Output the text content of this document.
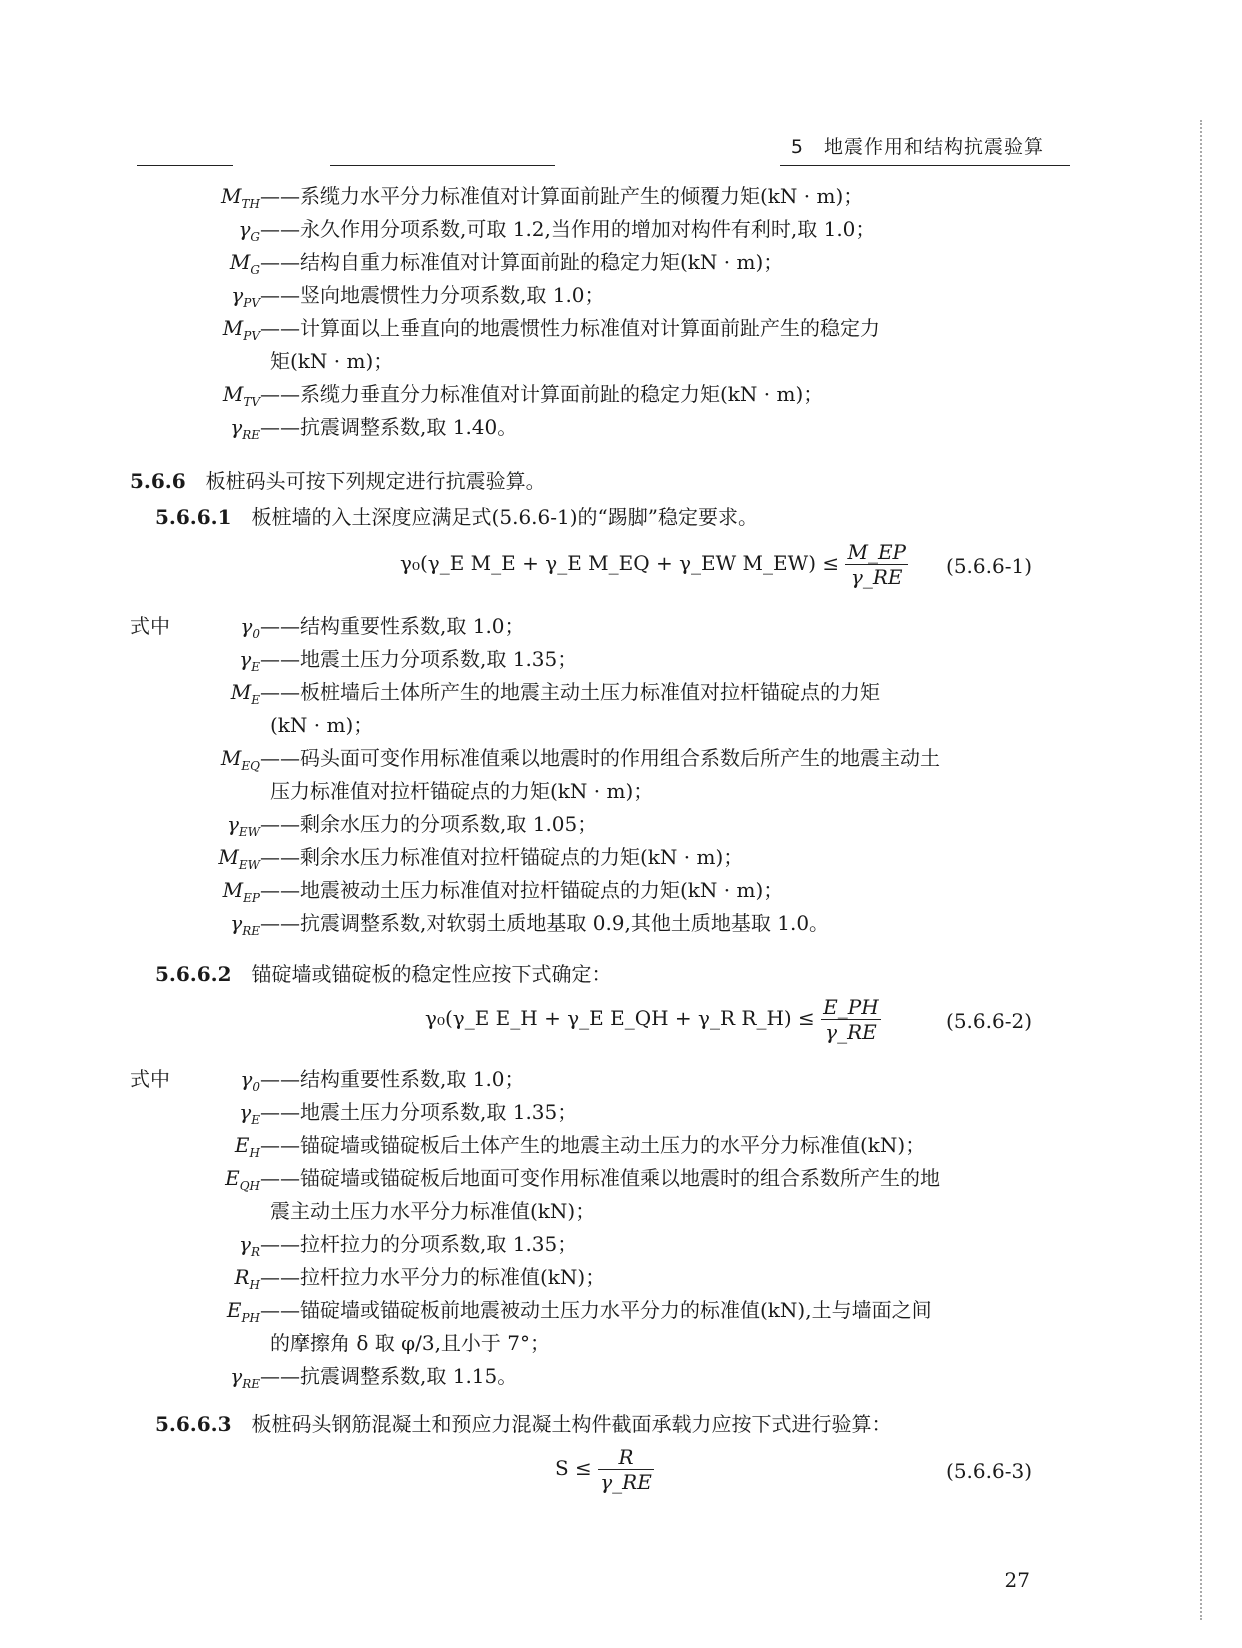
5　地震作用和结构抗震验算
$M_{TH}——$系缆力水平分力标准值对计算面前趾产生的倾覆力矩(kN · m)；
$\gamma_G——$永久作用分项系数,可取 1.2,当作用的增加对构件有利时,取 1.0；
$M_G——$结构自重力标准值对计算面前趾的稳定力矩(kN · m)；
$\gamma_{PV}——$竖向地震惯性力分项系数,取 1.0；
$M_{PV}——$计算面以上垂直向的地震惯性力标准值对计算面前趾产生的稳定力
矩(kN · m)；
$M_{TV}——$系缆力垂直分力标准值对计算面前趾的稳定力矩(kN · m)；
$\gamma_{RE}——$抗震调整系数,取 1.40。
5.6.6　板桩码头可按下列规定进行抗震验算。
5.6.6.1　板桩墙的入土深度应满足式(5.6.6-1)的“踢脚”稳定要求。
γ₀(γ_E M_E + γ_E M_EQ + γ_EW M_EW) ≤ $\frac{M\_EP}{\gamma\_RE} (5.6.6-1)$
式中	$\gamma_0——$结构重要性系数,取 1.0；
$\gamma_E——$地震土压力分项系数,取 1.35；
$M_E——$板桩墙后土体所产生的地震主动土压力标准值对拉杆锚碇点的力矩
(kN · m)；
$M_{EQ}——$码头面可变作用标准值乘以地震时的作用组合系数后所产生的地震主动土
压力标准值对拉杆锚碇点的力矩(kN · m)；
$\gamma_{EW}——$剩余水压力的分项系数,取 1.05；
$M_{EW}——$剩余水压力标准值对拉杆锚碇点的力矩(kN · m)；
$M_{EP}——$地震被动土压力标准值对拉杆锚碇点的力矩(kN · m)；
$\gamma_{RE}——$抗震调整系数,对软弱土质地基取 0.9,其他土质地基取 1.0。
5.6.6.2　锚碇墙或锚碇板的稳定性应按下式确定：
γ₀(γ_E E_H + γ_E E_QH + γ_R R_H) ≤ $\frac{E\_PH}{\gamma\_RE}$	(5.6.6-2)
式中	$\gamma_0——$结构重要性系数,取 1.0；
$\gamma_E——$地震土压力分项系数,取 1.35；
$E_H——$锚碇墙或锚碇板后土体产生的地震主动土压力的水平分力标准值(kN)；
$E_{QH}——$锚碇墙或锚碇板后地面可变作用标准值乘以地震时的组合系数所产生的地
震主动土压力水平分力标准值(kN)；
$\gamma_R——$拉杆拉力的分项系数,取 1.35；
$R_H——$拉杆拉力水平分力的标准值(kN)；
$E_{PH}——$锚碇墙或锚碇板前地震被动土压力水平分力的标准值(kN),土与墙面之间
的摩擦角 δ 取 φ/3,且小于 7°；
$\gamma_{RE}——$抗震调整系数,取 1.15。
5.6.6.3　板桩码头钢筋混凝土和预应力混凝土构件截面承载力应按下式进行验算：
$S \le \frac{R}{\gamma\_RE}$	(5.6.6-3)
27
